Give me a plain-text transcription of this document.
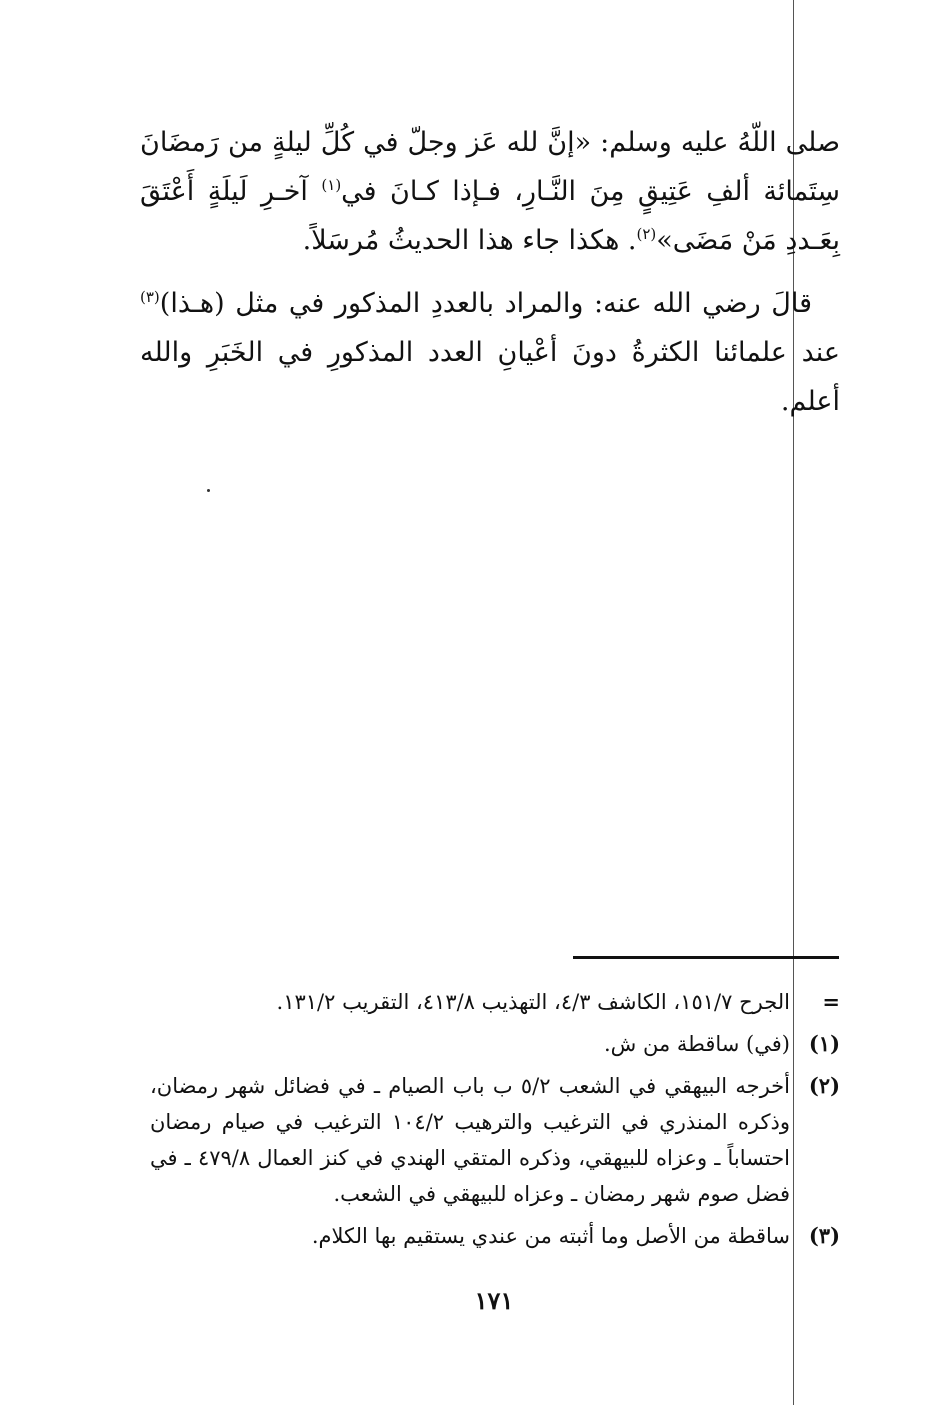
صلى اللّهُ عليه وسلم: «إنَّ لله عَز وجلّ في كُلِّ ليلةٍ من رَمضَانَ سِتَمائة ألفِ عَتِيقٍ مِنَ النَّـارِ، فـإذا كـانَ في$^{(١)}$ آخـرِ لَيلَةٍ أَعْتَقَ بِعَـددِ مَنْ مَضَى»$^{(٢)}$. هكذا جاء هذا الحديثُ مُرسَلاً.

قالَ رضي الله عنه: والمراد بالعددِ المذكور في مثل (هـذا)$^{(٣)}$ عند علمائنا الكثرةُ دونَ أعْيانِ العدد المذكورِ في الخَبَرِ والله أعلم.

=
الجرح ١٥١/٧، الكاشف ٤/٣، التهذيب ٤١٣/٨، التقريب ١٣١/٢.
(١)
(في) ساقطة من ش.
(٢)
أخرجه البيهقي في الشعب ٥/٢ ب باب الصيام ـ في فضائل شهر رمضان، وذكره المنذري في الترغيب والترهيب ١٠٤/٢ الترغيب في صيام رمضان احتساباً ـ وعزاه للبيهقي، وذكره المتقي الهندي في كنز العمال ٤٧٩/٨ ـ في فضل صوم شهر رمضان ـ وعزاه للبيهقي في الشعب.
(٣)
ساقطة من الأصل وما أثبته من عندي يستقيم بها الكلام.
١٧١
